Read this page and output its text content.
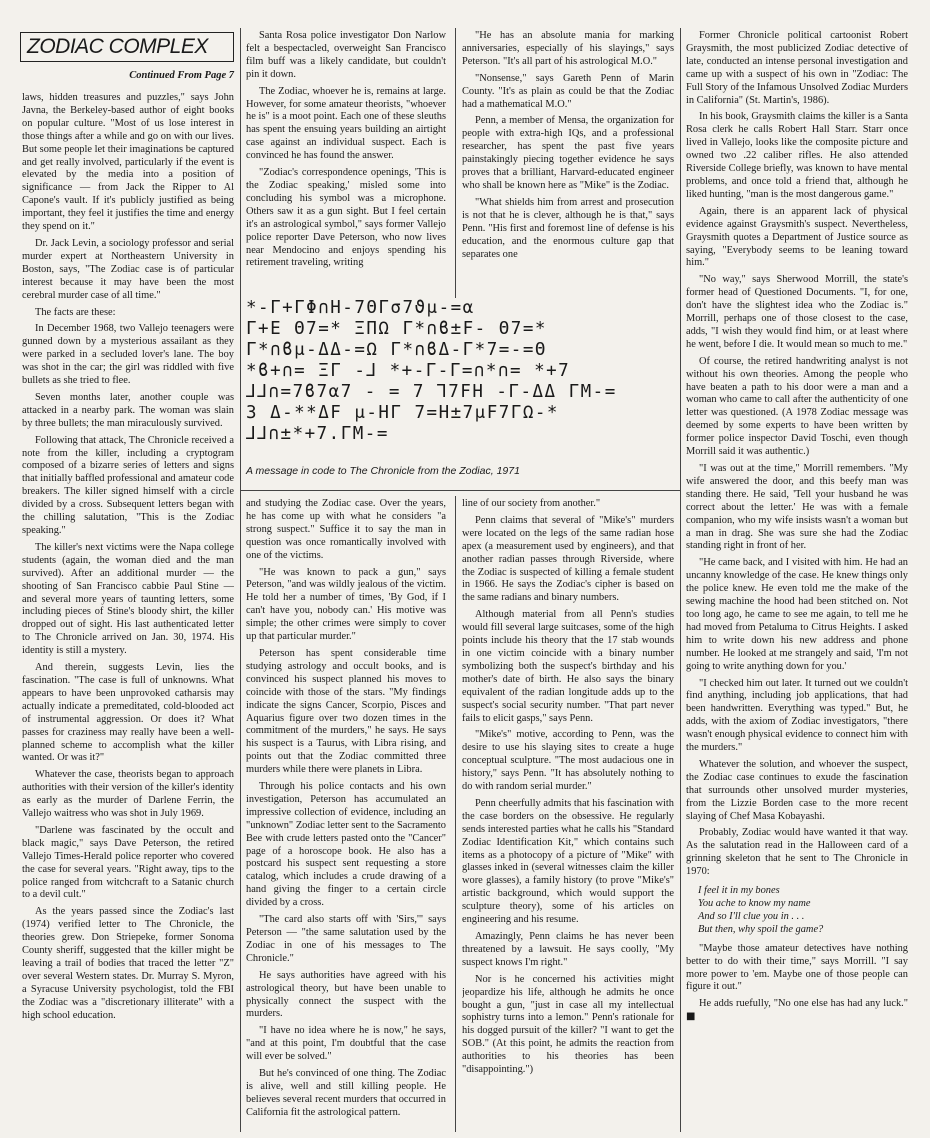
ZODIAC COMPLEX
Continued From Page 7

laws, hidden treasures and puzzles," says John Javna, the Berkeley-based author of eight books on popular culture. "Most of us lose interest in those things after a while and go on with our lives. But some people let their imaginations be captured and get really involved, particularly if the event is elevated by the media into a position of significance — from Jack the Ripper to Al Capone's vault. If it's publicly justified as being important, they feel it justifies the time and energy they spend on it."

Dr. Jack Levin, a sociology professor and serial murder expert at Northeastern University in Boston, says, "The Zodiac case is of particular interest because it may have been the most cerebral murder case of all time."

The facts are these:

In December 1968, two Vallejo teenagers were gunned down by a mysterious assailant as they were parked in a secluded lover's lane. The boy was shot in the car; the girl was riddled with five bullets as she tried to flee.

Seven months later, another couple was attacked in a nearby park. The woman was slain by three bullets; the man miraculously survived.

Following that attack, The Chronicle received a note from the killer, including a cryptogram composed of a bizarre series of letters and signs that initially baffled professional and amateur code breakers. The killer signed himself with a circle divided by a cross. Subsequent letters began with the chilling salutation, "This is the Zodiac speaking."

The killer's next victims were the Napa college students (again, the woman died and the man survived). After an additional murder — the shooting of San Francisco cabbie Paul Stine — and several more years of taunting letters, some including pieces of Stine's bloody shirt, the killer dropped out of sight. His last authenticated letter to The Chronicle arrived on Jan. 30, 1974. His identity is still a mystery.

And therein, suggests Levin, lies the fascination. "The case is full of unknowns. What appears to have been unprovoked catharsis may actually indicate a premeditated, cold-blooded act of instrumental aggression. Or does it? What passes for craziness may really have been a well-planned scheme to accomplish what the killer wanted. Or was it?"

Whatever the case, theorists began to approach authorities with their version of the killer's identity as early as the murder of Darlene Ferrin, the Vallejo waitress who was shot in July 1969.

"Darlene was fascinated by the occult and black magic," says Dave Peterson, the retired Vallejo Times-Herald police reporter who covered the case for several years. "Right away, tips to the police ranged from witchcraft to a Satanic church to a devil cult."

As the years passed since the Zodiac's last (1974) verified letter to The Chronicle, the theories grew. Don Striepeke, former Sonoma County sheriff, suggested that the killer might be leaving a trail of bodies that traced the letter "Z" over several Western states. Dr. Murray S. Myron, a Syracuse University psychologist, told the FBI the Zodiac was a "discretionary illiterate" with a high school education.

Santa Rosa police investigator Don Narlow felt a bespectacled, overweight San Francisco film buff was a likely candidate, but couldn't pin it down.

The Zodiac, whoever he is, remains at large. However, for some amateur theorists, "whoever he is" is a moot point. Each one of these sleuths has spent the ensuing years building an airtight case against an individual suspect. Each is convinced he has found the answer.

"Zodiac's correspondence openings, 'This is the Zodiac speaking,' misled some into concluding his symbol was a microphone. Others saw it as a gun sight. But I feel certain it's an astrological symbol," says former Vallejo police reporter Dave Peterson, who now lives near Mendocino and enjoys spending his retirement traveling, writing

"He has an absolute mania for marking anniversaries, especially of his slayings," says Peterson. "It's all part of his astrological M.O."

"Nonsense," says Gareth Penn of Marin County. "It's as plain as could be that the Zodiac had a mathematical M.O."

Penn, a member of Mensa, the organization for people with extra-high IQs, and a professional researcher, has spent the past five years painstakingly piecing together evidence he says proves that a brilliant, Harvard-educated engineer who shall be known here as "Mike" is the Zodiac.

"What shields him from arrest and prosecution is not that he is clever, although he is that," says Penn. "His first and foremost line of defense is his education, and the enormous culture gap that separates one

*-Γ+ΓΦ∩H-7ΘΓσ7ϑμ-=α
Γ+Ε Θ7=* ΞΠΩ Γ*∩ϐ±Ϝ- Θ7=*
Γ*∩ϐμ-ΔΔ-=Ω Γ*∩ϐΔ-Γ*7=-=Θ
*ϐ+∩= ΞΓ -⅃ *+-Γ-Γ=∩*∩= *+7
⅃⅃∩=7ϐ7α7 - = 7 ⅂7ϜΗ -Γ-ΔΔ ΓΜ-=
3 Δ-**ΔϜ μ-ΗΓ 7=Η±7μϜ7ΓΩ-*
⅃⅃∩±*+7.ΓΜ-=
A message in code to The Chronicle from the Zodiac, 1971

and studying the Zodiac case. Over the years, he has come up with what he considers "a strong suspect." Suffice it to say the man in question was once romantically involved with one of the victims.

"He was known to pack a gun," says Peterson, "and was wildly jealous of the victim. He told her a number of times, 'By God, if I can't have you, nobody can.' His motive was simple; the other crimes were simply to cover up that particular murder."

Peterson has spent considerable time studying astrology and occult books, and is convinced his suspect planned his moves to coincide with those of the stars. "My findings indicate the signs Cancer, Scorpio, Pisces and Aquarius figure over two dozen times in the commitment of the murders," he says. He says his suspect is a Taurus, with Libra rising, and points out that the Zodiac committed three murders while there were planets in Libra.

Through his police contacts and his own investigation, Peterson has accumulated an impressive collection of evidence, including an "unknown" Zodiac letter sent to the Sacramento Bee with crude letters pasted onto the "Cancer" page of a horoscope book. He also has a postcard his suspect sent requesting a store catalog, which includes a crude drawing of a hand giving the finger to a certain circle divided by a cross.

"The card also starts off with 'Sirs,'" says Peterson — "the same salutation used by the Zodiac in one of his messages to The Chronicle."

He says authorities have agreed with his astrological theory, but have been unable to physically connect the suspect with the murders.

"I have no idea where he is now," he says, "and at this point, I'm doubtful that the case will ever be solved."

But he's convinced of one thing. The Zodiac is alive, well and still killing people. He believes several recent murders that occurred in California fit the astrological pattern.

line of our society from another."

Penn claims that several of "Mike's" murders were located on the legs of the same radian hose apex (a measurement used by engineers), and that another radian passes through Riverside, where the Zodiac is suspected of killing a female student in 1966. He says the Zodiac's cipher is based on the same radians and binary numbers.

Although material from all Penn's studies would fill several large suitcases, some of the high points include his theory that the 17 stab wounds in one victim coincide with a binary number symbolizing both the suspect's birthday and his mother's date of birth. He also says the binary equivalent of the radian longitude adds up to the suspect's social security number. "That part never fails to elicit gasps," says Penn.

"Mike's" motive, according to Penn, was the desire to use his slaying sites to create a huge conceptual sculpture. "The most audacious one in history," says Penn. "It has absolutely nothing to do with random serial murder."

Penn cheerfully admits that his fascination with the case borders on the obsessive. He regularly sends interested parties what he calls his "Standard Zodiac Identification Kit," which contains such items as a photocopy of a picture of "Mike" with glasses inked in (several witnesses claim the killer wore glasses), a family history (to prove "Mike's" artistic background, which would support the sculpture theory), some of his articles on engineering and his resume.

Amazingly, Penn claims he has never been threatened by a lawsuit. He says coolly, "My suspect knows I'm right."

Nor is he concerned his activities might jeopardize his life, although he admits he once bought a gun, "just in case all my intellectual sophistry turns into a lemon." Penn's rationale for his dogged pursuit of the killer? "I want to get the SOB." (At this point, he admits the reaction from authorities to his theories has been "disappointing.")

Former Chronicle political cartoonist Robert Graysmith, the most publicized Zodiac detective of late, conducted an intense personal investigation and came up with a suspect of his own in "Zodiac: The Full Story of the Infamous Unsolved Zodiac Murders in California" (St. Martin's, 1986).

In his book, Graysmith claims the killer is a Santa Rosa clerk he calls Robert Hall Starr. Starr once lived in Vallejo, looks like the composite picture and owned two .22 caliber rifles. He also attended Riverside College briefly, was known to have mental problems, and once told a friend that, although he liked hunting, "man is the most dangerous game."

Again, there is an apparent lack of physical evidence against Graysmith's suspect. Nevertheless, Graysmith quotes a Department of Justice source as saying, "Everybody seems to be leaning toward him."

"No way," says Sherwood Morrill, the state's former head of Questioned Documents. "I, for one, don't have the slightest idea who the Zodiac is." Morrill, perhaps one of those closest to the case, adds, "I wish they would find him, or at least where he went, before I die. It would mean so much to me."

Of course, the retired handwriting analyst is not without his own theories. Among the people who have beaten a path to his door were a man and a woman who came to call after the authenticity of one letter was questioned. (A 1978 Zodiac message was deemed by some experts to have been written by former police inspector David Toschi, even though Morrill said it was authentic.)

"I was out at the time," Morrill remembers. "My wife answered the door, and this beefy man was standing there. He said, 'Tell your husband he was correct about the letter.' He was with a female companion, who my wife insists wasn't a woman but a man in drag. She was sure she had the Zodiac standing right in front of her.

"He came back, and I visited with him. He had an uncanny knowledge of the case. He knew things only the police knew. He even told me the make of the sewing machine the hood had been stitched on. Not too long ago, he came to see me again, to tell me he had moved from Petaluma to Citrus Heights. I asked him to write down his new address and phone number. He looked at me strangely and said, 'I'm not going to write anything down for you.'

"I checked him out later. It turned out we couldn't find anything, including job applications, that had been handwritten. Everything was typed." But, he adds, with the axiom of Zodiac investigators, "there wasn't enough physical evidence to connect him with the murders."

Whatever the solution, and whoever the suspect, the Zodiac case continues to exude the fascination that surrounds other unsolved murder mysteries, from the Lizzie Borden case to the more recent slaying of Chef Masa Kobayashi.

Probably, Zodiac would have wanted it that way. As the salutation read in the Halloween card of a grinning skeleton that he sent to The Chronicle in 1970:

I feel it in my bones
You ache to know my name
And so I'll clue you in . . .
But then, why spoil the game?

"Maybe those amateur detectives have nothing better to do with their time," says Morrill. "I say more power to 'em. Maybe one of those people can figure it out."

He adds ruefully, "No one else has had any luck." ■
